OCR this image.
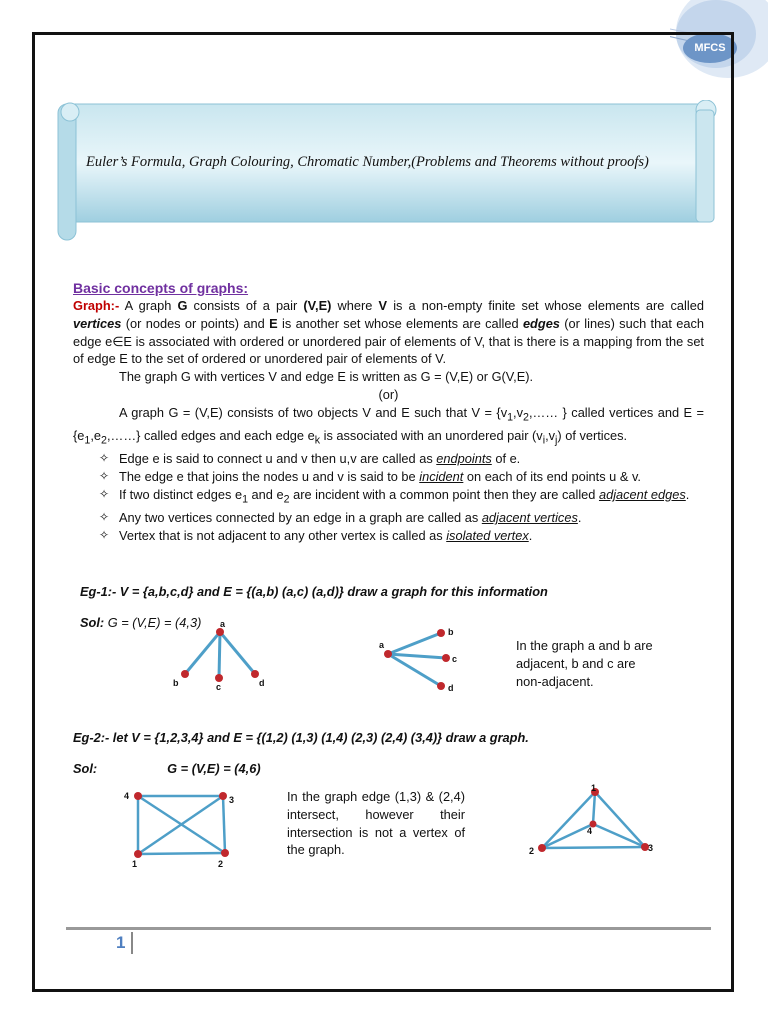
MFCS
Euler’s Formula, Graph Colouring, Chromatic Number,(Problems and Theorems without proofs)

Basic concepts of graphs:

Graph:- A graph G consists of a pair (V,E) where V is a non-empty finite set whose elements are called vertices (or nodes or points) and E is another set whose elements are called edges (or lines) such that each edge e∈E is associated with ordered or unordered pair of elements of V, that is there is a mapping from the set of edge E to the set of ordered or unordered pair of elements of V.

The graph G with vertices V and edge E is written as G = (V,E) or G(V,E).

(or)

A graph G = (V,E) consists of two objects V and E such that $V = \{v_1,v_2,\dots\dots$ } called vertices and $E = \{e_1,e_2,\dots\dots\}$ called edges and each edge $e_k$ is associated with an unordered pair $(v_i,v_j)$ of vertices.

✧ Edge e is said to connect u and v then u,v are called as endpoints of e.
✧ The edge e that joins the nodes u and v is said to be incident on each of its end points u & v.
✧ If two distinct edges $e_1$ and $e_2$ are incident with a common point then they are called adjacent edges.
✧ Any two vertices connected by an edge in a graph are called as adjacent vertices.
✧ Vertex that is not adjacent to any other vertex is called as isolated vertex.

Eg-1:- V = {a,b,c,d} and E = {(a,b) (a,c) (a,d)} draw a graph for this information

Sol: G = (V,E) = (4,3) a
b	c	d
a
b
c
d

In the graph a and b are adjacent, b and c are non-adjacent.

Eg-2:- let V = {1,2,3,4} and E = {(1,2) (1,3) (1,4) (2,3) (2,4) (3,4)} draw a graph.

Sol:	G = (V,E) = (4,6)

4	3
2
1

In the graph edge (1,3) & (2,4) intersect, however their intersection is not a vertex of the graph.

1
2	3
4
1
